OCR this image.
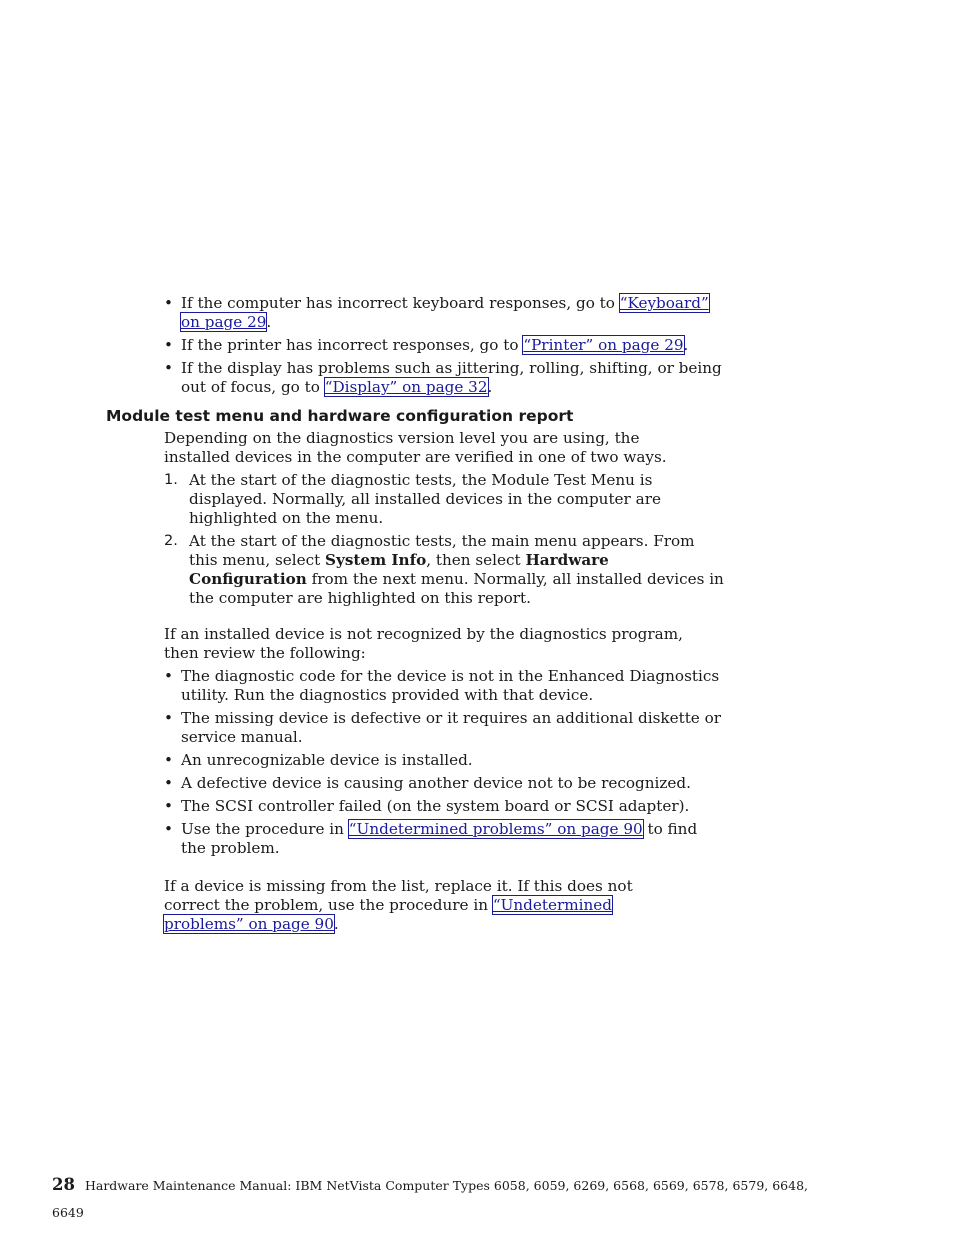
• If the computer has incorrect keyboard responses, go to “Keyboard” on page 29.
• If the printer has incorrect responses, go to “Printer” on page 29.
• If the display has problems such as jittering, rolling, shifting, or being out of focus, go to “Display” on page 32.
Module test menu and hardware configuration report

Depending on the diagnostics version level you are using, the installed devices in the computer are verified in one of two ways.

1. At the start of the diagnostic tests, the Module Test Menu is displayed. Normally, all installed devices in the computer are highlighted on the menu.
2. At the start of the diagnostic tests, the main menu appears. From this menu, select System Info, then select Hardware Configuration from the next menu. Normally, all installed devices in the computer are highlighted on this report.

If an installed device is not recognized by the diagnostics program, then review the following:

• The diagnostic code for the device is not in the Enhanced Diagnostics utility. Run the diagnostics provided with that device.
• The missing device is defective or it requires an additional diskette or service manual.
• An unrecognizable device is installed.
• A defective device is causing another device not to be recognized.
• The SCSI controller failed (on the system board or SCSI adapter).
• Use the procedure in “Undetermined problems” on page 90 to find the problem.

If a device is missing from the list, replace it. If this does not correct the problem, use the procedure in “Undetermined problems” on page 90.

28 Hardware Maintenance Manual: IBM NetVista Computer Types 6058, 6059, 6269, 6568, 6569, 6578, 6579, 6648,
6649
